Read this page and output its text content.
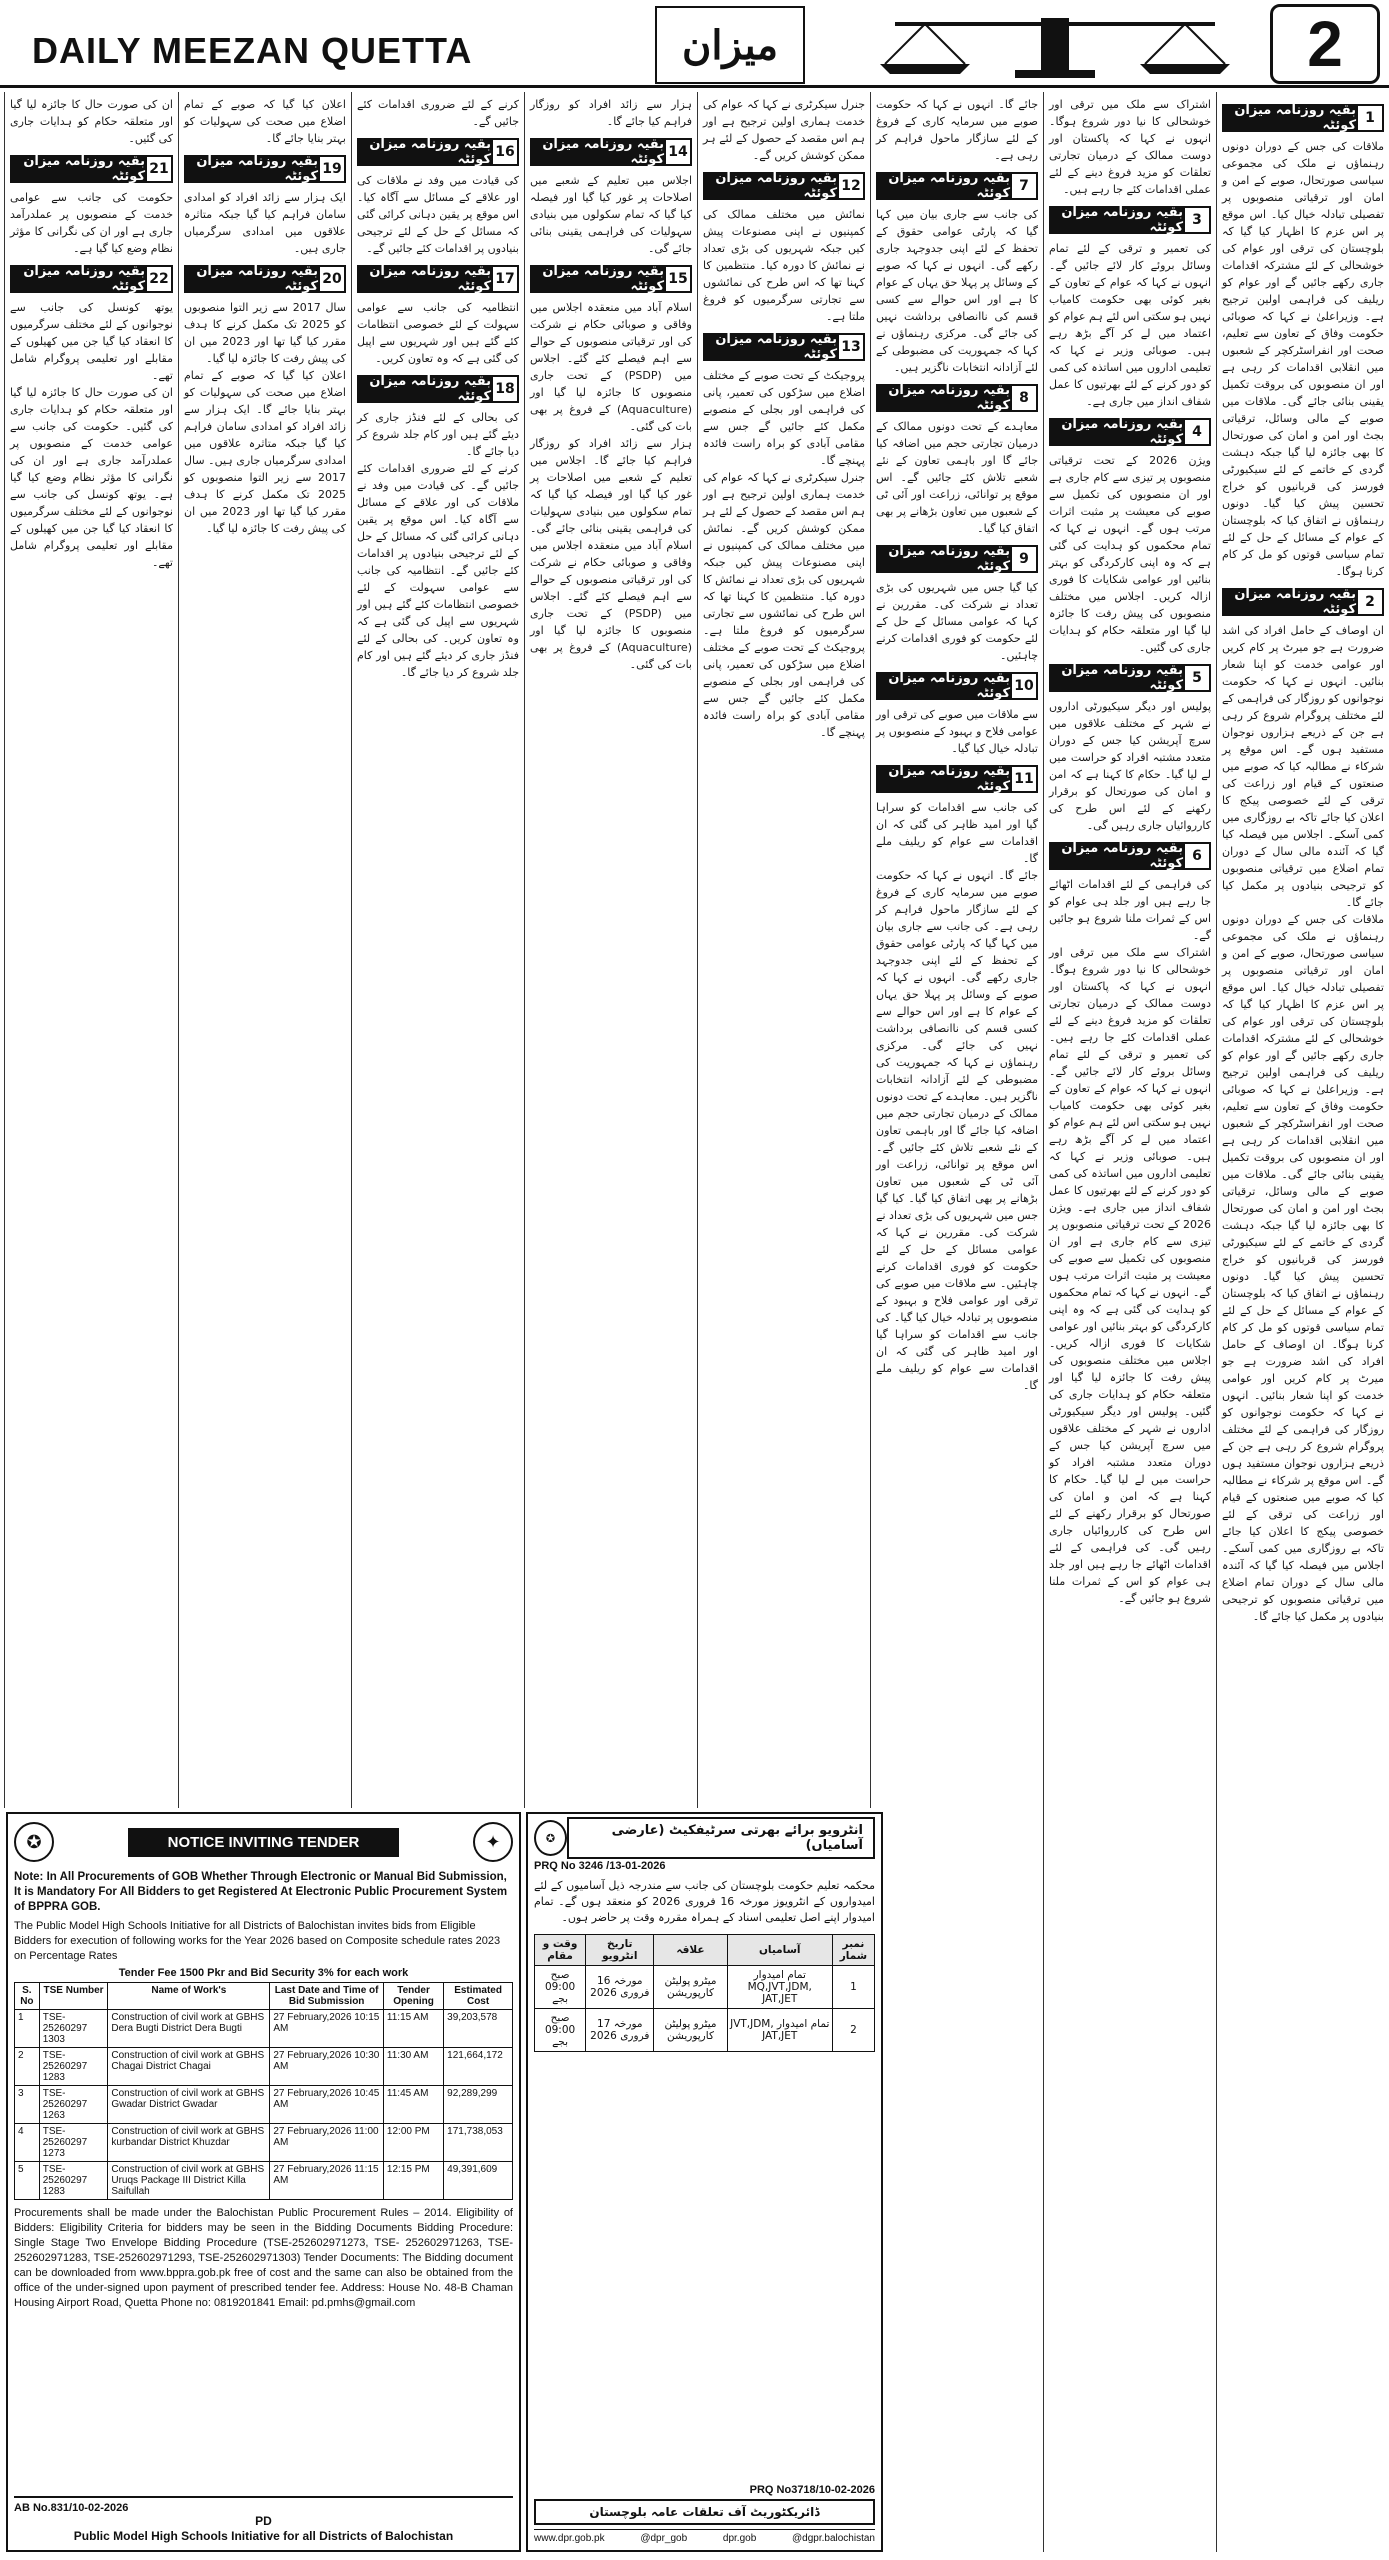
DAILY MEEZAN QUETTA	میزان	2
1
بقیہ روزنامہ میزان کوئٹہ

ملاقات کی جس کے دوران دونوں رہنماؤں نے ملک کی مجموعی سیاسی صورتحال، صوبے کے امن و امان اور ترقیاتی منصوبوں پر تفصیلی تبادلہ خیال کیا۔ اس موقع پر اس عزم کا اظہار کیا گیا کہ بلوچستان کی ترقی اور عوام کی خوشحالی کے لئے مشترکہ اقدامات جاری رکھے جائیں گے اور عوام کو ریلیف کی فراہمی اولین ترجیح ہے۔ وزیراعلیٰ نے کہا کہ صوبائی حکومت وفاق کے تعاون سے تعلیم، صحت اور انفراسٹرکچر کے شعبوں میں انقلابی اقدامات کر رہی ہے اور ان منصوبوں کی بروقت تکمیل یقینی بنائی جائے گی۔ ملاقات میں صوبے کے مالی وسائل، ترقیاتی بجٹ اور امن و امان کی صورتحال کا بھی جائزہ لیا گیا جبکہ دہشت گردی کے خاتمے کے لئے سیکیورٹی فورسز کی قربانیوں کو خراج تحسین پیش کیا گیا۔ دونوں رہنماؤں نے اتفاق کیا کہ بلوچستان کے عوام کے مسائل کے حل کے لئے تمام سیاسی قوتوں کو مل کر کام کرنا ہوگا۔

2
بقیہ روزنامہ میزان کوئٹہ

ان اوصاف کے حامل افراد کی اشد ضرورت ہے جو میرٹ پر کام کریں اور عوامی خدمت کو اپنا شعار بنائیں۔ انہوں نے کہا کہ حکومت نوجوانوں کو روزگار کی فراہمی کے لئے مختلف پروگرام شروع کر رہی ہے جن کے ذریعے ہزاروں نوجوان مستفید ہوں گے۔ اس موقع پر شرکاء نے مطالبہ کیا کہ صوبے میں صنعتوں کے قیام اور زراعت کی ترقی کے لئے خصوصی پیکج کا اعلان کیا جائے تاکہ بے روزگاری میں کمی آسکے۔ اجلاس میں فیصلہ کیا گیا کہ آئندہ مالی سال کے دوران تمام اضلاع میں ترقیاتی منصوبوں کو ترجیحی بنیادوں پر مکمل کیا جائے گا۔

ملاقات کی جس کے دوران دونوں رہنماؤں نے ملک کی مجموعی سیاسی صورتحال، صوبے کے امن و امان اور ترقیاتی منصوبوں پر تفصیلی تبادلہ خیال کیا۔ اس موقع پر اس عزم کا اظہار کیا گیا کہ بلوچستان کی ترقی اور عوام کی خوشحالی کے لئے مشترکہ اقدامات جاری رکھے جائیں گے اور عوام کو ریلیف کی فراہمی اولین ترجیح ہے۔ وزیراعلیٰ نے کہا کہ صوبائی حکومت وفاق کے تعاون سے تعلیم، صحت اور انفراسٹرکچر کے شعبوں میں انقلابی اقدامات کر رہی ہے اور ان منصوبوں کی بروقت تکمیل یقینی بنائی جائے گی۔ ملاقات میں صوبے کے مالی وسائل، ترقیاتی بجٹ اور امن و امان کی صورتحال کا بھی جائزہ لیا گیا جبکہ دہشت گردی کے خاتمے کے لئے سیکیورٹی فورسز کی قربانیوں کو خراج تحسین پیش کیا گیا۔ دونوں رہنماؤں نے اتفاق کیا کہ بلوچستان کے عوام کے مسائل کے حل کے لئے تمام سیاسی قوتوں کو مل کر کام کرنا ہوگا۔ ان اوصاف کے حامل افراد کی اشد ضرورت ہے جو میرٹ پر کام کریں اور عوامی خدمت کو اپنا شعار بنائیں۔ انہوں نے کہا کہ حکومت نوجوانوں کو روزگار کی فراہمی کے لئے مختلف پروگرام شروع کر رہی ہے جن کے ذریعے ہزاروں نوجوان مستفید ہوں گے۔ اس موقع پر شرکاء نے مطالبہ کیا کہ صوبے میں صنعتوں کے قیام اور زراعت کی ترقی کے لئے خصوصی پیکج کا اعلان کیا جائے تاکہ بے روزگاری میں کمی آسکے۔ اجلاس میں فیصلہ کیا گیا کہ آئندہ مالی سال کے دوران تمام اضلاع میں ترقیاتی منصوبوں کو ترجیحی بنیادوں پر مکمل کیا جائے گا۔

اشتراک سے ملک میں ترقی اور خوشحالی کا نیا دور شروع ہوگا۔ انہوں نے کہا کہ پاکستان اور دوست ممالک کے درمیان تجارتی تعلقات کو مزید فروغ دینے کے لئے عملی اقدامات کئے جا رہے ہیں۔

3
بقیہ روزنامہ میزان کوئٹہ

کی تعمیر و ترقی کے لئے تمام وسائل بروئے کار لائے جائیں گے۔ انہوں نے کہا کہ عوام کے تعاون کے بغیر کوئی بھی حکومت کامیاب نہیں ہو سکتی اس لئے ہم عوام کو اعتماد میں لے کر آگے بڑھ رہے ہیں۔ صوبائی وزیر نے کہا کہ تعلیمی اداروں میں اساتذہ کی کمی کو دور کرنے کے لئے بھرتیوں کا عمل شفاف انداز میں جاری ہے۔

4
بقیہ روزنامہ میزان کوئٹہ

ویژن 2026 کے تحت ترقیاتی منصوبوں پر تیزی سے کام جاری ہے اور ان منصوبوں کی تکمیل سے صوبے کی معیشت پر مثبت اثرات مرتب ہوں گے۔ انہوں نے کہا کہ تمام محکموں کو ہدایت کی گئی ہے کہ وہ اپنی کارکردگی کو بہتر بنائیں اور عوامی شکایات کا فوری ازالہ کریں۔ اجلاس میں مختلف منصوبوں کی پیش رفت کا جائزہ لیا گیا اور متعلقہ حکام کو ہدایات جاری کی گئیں۔

5
بقیہ روزنامہ میزان کوئٹہ

پولیس اور دیگر سیکیورٹی اداروں نے شہر کے مختلف علاقوں میں سرچ آپریشن کیا جس کے دوران متعدد مشتبہ افراد کو حراست میں لے لیا گیا۔ حکام کا کہنا ہے کہ امن و امان کی صورتحال کو برقرار رکھنے کے لئے اس طرح کی کارروائیاں جاری رہیں گی۔

6
بقیہ روزنامہ میزان کوئٹہ

کی فراہمی کے لئے اقدامات اٹھائے جا رہے ہیں اور جلد ہی عوام کو اس کے ثمرات ملنا شروع ہو جائیں گے۔

اشتراک سے ملک میں ترقی اور خوشحالی کا نیا دور شروع ہوگا۔ انہوں نے کہا کہ پاکستان اور دوست ممالک کے درمیان تجارتی تعلقات کو مزید فروغ دینے کے لئے عملی اقدامات کئے جا رہے ہیں۔ کی تعمیر و ترقی کے لئے تمام وسائل بروئے کار لائے جائیں گے۔ انہوں نے کہا کہ عوام کے تعاون کے بغیر کوئی بھی حکومت کامیاب نہیں ہو سکتی اس لئے ہم عوام کو اعتماد میں لے کر آگے بڑھ رہے ہیں۔ صوبائی وزیر نے کہا کہ تعلیمی اداروں میں اساتذہ کی کمی کو دور کرنے کے لئے بھرتیوں کا عمل شفاف انداز میں جاری ہے۔ ویژن 2026 کے تحت ترقیاتی منصوبوں پر تیزی سے کام جاری ہے اور ان منصوبوں کی تکمیل سے صوبے کی معیشت پر مثبت اثرات مرتب ہوں گے۔ انہوں نے کہا کہ تمام محکموں کو ہدایت کی گئی ہے کہ وہ اپنی کارکردگی کو بہتر بنائیں اور عوامی شکایات کا فوری ازالہ کریں۔ اجلاس میں مختلف منصوبوں کی پیش رفت کا جائزہ لیا گیا اور متعلقہ حکام کو ہدایات جاری کی گئیں۔ پولیس اور دیگر سیکیورٹی اداروں نے شہر کے مختلف علاقوں میں سرچ آپریشن کیا جس کے دوران متعدد مشتبہ افراد کو حراست میں لے لیا گیا۔ حکام کا کہنا ہے کہ امن و امان کی صورتحال کو برقرار رکھنے کے لئے اس طرح کی کارروائیاں جاری رہیں گی۔ کی فراہمی کے لئے اقدامات اٹھائے جا رہے ہیں اور جلد ہی عوام کو اس کے ثمرات ملنا شروع ہو جائیں گے۔

جائے گا۔ انہوں نے کہا کہ حکومت صوبے میں سرمایہ کاری کے فروغ کے لئے سازگار ماحول فراہم کر رہی ہے۔

7
بقیہ روزنامہ میزان کوئٹہ

کی جانب سے جاری بیان میں کہا گیا کہ پارٹی عوامی حقوق کے تحفظ کے لئے اپنی جدوجہد جاری رکھے گی۔ انہوں نے کہا کہ صوبے کے وسائل پر پہلا حق یہاں کے عوام کا ہے اور اس حوالے سے کسی قسم کی ناانصافی برداشت نہیں کی جائے گی۔ مرکزی رہنماؤں نے کہا کہ جمہوریت کی مضبوطی کے لئے آزادانہ انتخابات ناگزیر ہیں۔

8
بقیہ روزنامہ میزان کوئٹہ

معاہدے کے تحت دونوں ممالک کے درمیان تجارتی حجم میں اضافہ کیا جائے گا اور باہمی تعاون کے نئے شعبے تلاش کئے جائیں گے۔ اس موقع پر توانائی، زراعت اور آئی ٹی کے شعبوں میں تعاون بڑھانے پر بھی اتفاق کیا گیا۔

9
بقیہ روزنامہ میزان کوئٹہ

کیا گیا جس میں شہریوں کی بڑی تعداد نے شرکت کی۔ مقررین نے کہا کہ عوامی مسائل کے حل کے لئے حکومت کو فوری اقدامات کرنے چاہئیں۔

10
بقیہ روزنامہ میزان کوئٹہ

سے ملاقات میں صوبے کی ترقی اور عوامی فلاح و بہبود کے منصوبوں پر تبادلہ خیال کیا گیا۔

11
بقیہ روزنامہ میزان کوئٹہ

کی جانب سے اقدامات کو سراہا گیا اور امید ظاہر کی گئی کہ ان اقدامات سے عوام کو ریلیف ملے گا۔

جائے گا۔ انہوں نے کہا کہ حکومت صوبے میں سرمایہ کاری کے فروغ کے لئے سازگار ماحول فراہم کر رہی ہے۔ کی جانب سے جاری بیان میں کہا گیا کہ پارٹی عوامی حقوق کے تحفظ کے لئے اپنی جدوجہد جاری رکھے گی۔ انہوں نے کہا کہ صوبے کے وسائل پر پہلا حق یہاں کے عوام کا ہے اور اس حوالے سے کسی قسم کی ناانصافی برداشت نہیں کی جائے گی۔ مرکزی رہنماؤں نے کہا کہ جمہوریت کی مضبوطی کے لئے آزادانہ انتخابات ناگزیر ہیں۔ معاہدے کے تحت دونوں ممالک کے درمیان تجارتی حجم میں اضافہ کیا جائے گا اور باہمی تعاون کے نئے شعبے تلاش کئے جائیں گے۔ اس موقع پر توانائی، زراعت اور آئی ٹی کے شعبوں میں تعاون بڑھانے پر بھی اتفاق کیا گیا۔ کیا گیا جس میں شہریوں کی بڑی تعداد نے شرکت کی۔ مقررین نے کہا کہ عوامی مسائل کے حل کے لئے حکومت کو فوری اقدامات کرنے چاہئیں۔ سے ملاقات میں صوبے کی ترقی اور عوامی فلاح و بہبود کے منصوبوں پر تبادلہ خیال کیا گیا۔ کی جانب سے اقدامات کو سراہا گیا اور امید ظاہر کی گئی کہ ان اقدامات سے عوام کو ریلیف ملے گا۔

جنرل سیکرٹری نے کہا کہ عوام کی خدمت ہماری اولین ترجیح ہے اور ہم اس مقصد کے حصول کے لئے ہر ممکن کوشش کریں گے۔

12
بقیہ روزنامہ میزان کوئٹہ

نمائش میں مختلف ممالک کی کمپنیوں نے اپنی مصنوعات پیش کیں جبکہ شہریوں کی بڑی تعداد نے نمائش کا دورہ کیا۔ منتظمین کا کہنا تھا کہ اس طرح کی نمائشوں سے تجارتی سرگرمیوں کو فروغ ملتا ہے۔

13
بقیہ روزنامہ میزان کوئٹہ

پروجیکٹ کے تحت صوبے کے مختلف اضلاع میں سڑکوں کی تعمیر، پانی کی فراہمی اور بجلی کے منصوبے مکمل کئے جائیں گے جس سے مقامی آبادی کو براہ راست فائدہ پہنچے گا۔

جنرل سیکرٹری نے کہا کہ عوام کی خدمت ہماری اولین ترجیح ہے اور ہم اس مقصد کے حصول کے لئے ہر ممکن کوشش کریں گے۔ نمائش میں مختلف ممالک کی کمپنیوں نے اپنی مصنوعات پیش کیں جبکہ شہریوں کی بڑی تعداد نے نمائش کا دورہ کیا۔ منتظمین کا کہنا تھا کہ اس طرح کی نمائشوں سے تجارتی سرگرمیوں کو فروغ ملتا ہے۔ پروجیکٹ کے تحت صوبے کے مختلف اضلاع میں سڑکوں کی تعمیر، پانی کی فراہمی اور بجلی کے منصوبے مکمل کئے جائیں گے جس سے مقامی آبادی کو براہ راست فائدہ پہنچے گا۔

ہزار سے زائد افراد کو روزگار فراہم کیا جائے گا۔

14
بقیہ روزنامہ میزان کوئٹہ

اجلاس میں تعلیم کے شعبے میں اصلاحات پر غور کیا گیا اور فیصلہ کیا گیا کہ تمام سکولوں میں بنیادی سہولیات کی فراہمی یقینی بنائی جائے گی۔

15
بقیہ روزنامہ میزان کوئٹہ

اسلام آباد میں منعقدہ اجلاس میں وفاقی و صوبائی حکام نے شرکت کی اور ترقیاتی منصوبوں کے حوالے سے اہم فیصلے کئے گئے۔ اجلاس میں (PSDP) کے تحت جاری منصوبوں کا جائزہ لیا گیا اور (Aquaculture) کے فروغ پر بھی بات کی گئی۔

ہزار سے زائد افراد کو روزگار فراہم کیا جائے گا۔ اجلاس میں تعلیم کے شعبے میں اصلاحات پر غور کیا گیا اور فیصلہ کیا گیا کہ تمام سکولوں میں بنیادی سہولیات کی فراہمی یقینی بنائی جائے گی۔ اسلام آباد میں منعقدہ اجلاس میں وفاقی و صوبائی حکام نے شرکت کی اور ترقیاتی منصوبوں کے حوالے سے اہم فیصلے کئے گئے۔ اجلاس میں (PSDP) کے تحت جاری منصوبوں کا جائزہ لیا گیا اور (Aquaculture) کے فروغ پر بھی بات کی گئی۔

کرنے کے لئے ضروری اقدامات کئے جائیں گے۔

16
بقیہ روزنامہ میزان کوئٹہ

کی قیادت میں وفد نے ملاقات کی اور علاقے کے مسائل سے آگاہ کیا۔ اس موقع پر یقین دہانی کرائی گئی کہ مسائل کے حل کے لئے ترجیحی بنیادوں پر اقدامات کئے جائیں گے۔

17
بقیہ روزنامہ میزان کوئٹہ

انتظامیہ کی جانب سے عوامی سہولت کے لئے خصوصی انتظامات کئے گئے ہیں اور شہریوں سے اپیل کی گئی ہے کہ وہ تعاون کریں۔

18
بقیہ روزنامہ میزان کوئٹہ

کی بحالی کے لئے فنڈز جاری کر دیئے گئے ہیں اور کام جلد شروع کر دیا جائے گا۔

کرنے کے لئے ضروری اقدامات کئے جائیں گے۔ کی قیادت میں وفد نے ملاقات کی اور علاقے کے مسائل سے آگاہ کیا۔ اس موقع پر یقین دہانی کرائی گئی کہ مسائل کے حل کے لئے ترجیحی بنیادوں پر اقدامات کئے جائیں گے۔ انتظامیہ کی جانب سے عوامی سہولت کے لئے خصوصی انتظامات کئے گئے ہیں اور شہریوں سے اپیل کی گئی ہے کہ وہ تعاون کریں۔ کی بحالی کے لئے فنڈز جاری کر دیئے گئے ہیں اور کام جلد شروع کر دیا جائے گا۔

اعلان کیا گیا کہ صوبے کے تمام اضلاع میں صحت کی سہولیات کو بہتر بنایا جائے گا۔

19
بقیہ روزنامہ میزان کوئٹہ

ایک ہزار سے زائد افراد کو امدادی سامان فراہم کیا گیا جبکہ متاثرہ علاقوں میں امدادی سرگرمیاں جاری ہیں۔

20
بقیہ روزنامہ میزان کوئٹہ

سال 2017 سے زیر التوا منصوبوں کو 2025 تک مکمل کرنے کا ہدف مقرر کیا گیا تھا اور 2023 میں ان کی پیش رفت کا جائزہ لیا گیا۔

اعلان کیا گیا کہ صوبے کے تمام اضلاع میں صحت کی سہولیات کو بہتر بنایا جائے گا۔ ایک ہزار سے زائد افراد کو امدادی سامان فراہم کیا گیا جبکہ متاثرہ علاقوں میں امدادی سرگرمیاں جاری ہیں۔ سال 2017 سے زیر التوا منصوبوں کو 2025 تک مکمل کرنے کا ہدف مقرر کیا گیا تھا اور 2023 میں ان کی پیش رفت کا جائزہ لیا گیا۔

ان کی صورت حال کا جائزہ لیا گیا اور متعلقہ حکام کو ہدایات جاری کی گئیں۔

21
بقیہ روزنامہ میزان کوئٹہ

حکومت کی جانب سے عوامی خدمت کے منصوبوں پر عملدرآمد جاری ہے اور ان کی نگرانی کا مؤثر نظام وضع کیا گیا ہے۔

22
بقیہ روزنامہ میزان کوئٹہ

یوتھ کونسل کی جانب سے نوجوانوں کے لئے مختلف سرگرمیوں کا انعقاد کیا گیا جن میں کھیلوں کے مقابلے اور تعلیمی پروگرام شامل تھے۔

ان کی صورت حال کا جائزہ لیا گیا اور متعلقہ حکام کو ہدایات جاری کی گئیں۔ حکومت کی جانب سے عوامی خدمت کے منصوبوں پر عملدرآمد جاری ہے اور ان کی نگرانی کا مؤثر نظام وضع کیا گیا ہے۔ یوتھ کونسل کی جانب سے نوجوانوں کے لئے مختلف سرگرمیوں کا انعقاد کیا گیا جن میں کھیلوں کے مقابلے اور تعلیمی پروگرام شامل تھے۔

✪	NOTICE INVITING TENDER	✦
Note: In All Procurements of GOB Whether Through Electronic or Manual Bid Submission, It is Mandatory For All Bidders to get Registered At Electronic Public Procurement System of BPPRA GOB.
The Public Model High Schools Initiative for all Districts of Balochistan invites bids from Eligible Bidders for execution of following works for the Year 2026 based on Composite schedule rates 2023 on Percentage Rates
Tender Fee 1500 Pkr and Bid Security 3% for each work
S. No	TSE Number	Name of Work's	Last Date and Time of Bid Submission	Tender Opening	Estimated Cost
1	TSE-25260297 1303	Construction of civil work at GBHS Dera Bugti District Dera Bugti	27 February,2026 10:15 AM	11:15 AM	39,203,578
2	TSE-25260297 1283	Construction of civil work at GBHS Chagai District Chagai	27 February,2026 10:30 AM	11:30 AM	121,664,172
3	TSE-25260297 1263	Construction of civil work at GBHS Gwadar District Gwadar	27 February,2026 10:45 AM	11:45 AM	92,289,299
4	TSE-25260297 1273	Construction of civil work at GBHS kurbandar District Khuzdar	27 February,2026 11:00 AM	12:00 PM	171,738,053
5	TSE-25260297 1283	Construction of civil work at GBHS Uruqs Package III District Killa Saifullah	27 February,2026 11:15 AM	12:15 PM	49,391,609
Procurements shall be made under the Balochistan Public Procurement Rules – 2014. Eligibility of Bidders: Eligibility Criteria for bidders may be seen in the Bidding Documents Bidding Procedure: Single Stage Two Envelope Bidding Procedure (TSE-252602971273, TSE- 252602971263, TSE-252602971283, TSE-252602971293, TSE-252602971303) Tender Documents: The Bidding document can be downloaded from www.bppra.gob.pk free of cost and the same can also be obtained from the office of the under-signed upon payment of prescribed tender fee. Address: House No. 48-B Chaman Housing Airport Road, Quetta Phone no: 0819201841 Email: pd.pmhs@gmail.com
AB No.831/10-02-2026
PD
Public Model High Schools Initiative for all Districts of Balochistan
✪	انٹرویو برائے بھرتی سرٹیفکیٹ (عارضی آسامیاں)
PRQ No 3246 /13-01-2026
محکمہ تعلیم حکومت بلوچستان کی جانب سے مندرجہ ذیل آسامیوں کے لئے امیدواروں کے انٹرویوز مورخہ 16 فروری 2026 کو منعقد ہوں گے۔ تمام امیدوار اپنے اصل تعلیمی اسناد کے ہمراہ مقررہ وقت پر حاضر ہوں۔
نمبر شمار	آسامیاں	علاقہ	تاریخ انٹرویو	وقت و مقام
1	تمام امیدوار MQ,JVT,JDM, JAT,JET	میٹرو پولیٹن کارپوریشن	مورخہ 16 فروری 2026	صبح 09:00 بجے
2	تمام امیدوار JVT,JDM, JAT,JET	میٹرو پولیٹن کارپوریشن	مورخہ 17 فروری 2026	صبح 09:00 بجے
PRQ No3718/10-02-2026
ڈائریکٹوریٹ آف تعلقات عامہ بلوچستان
www.dpr.gob.pk	@dpr_gob	dpr.gob	@dgpr.balochistan
